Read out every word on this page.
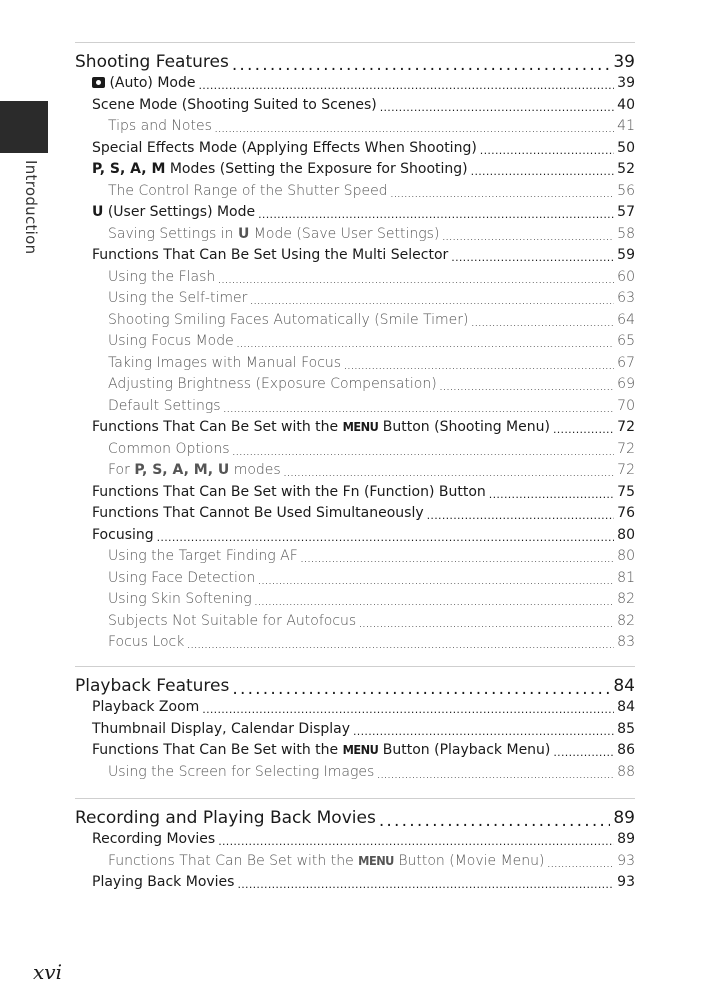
Introduction
Shooting Features . . .	39
(Auto) Mode . . .	39
Scene Mode (Shooting Suited to Scenes) . . .	40
Tips and Notes . . .	41
Special Effects Mode (Applying Effects When Shooting) . . .	50
P, S, A, M Modes (Setting the Exposure for Shooting) . . .	52
The Control Range of the Shutter Speed . . .	56
U (User Settings) Mode . . .	57
Saving Settings in U Mode (Save User Settings) . . .	58
Functions That Can Be Set Using the Multi Selector . . .	59
Using the Flash . . .	60
Using the Self-timer . . .	63
Shooting Smiling Faces Automatically (Smile Timer) . . .	64
Using Focus Mode . . .	65
Taking Images with Manual Focus . . .	67
Adjusting Brightness (Exposure Compensation) . . .	69
Default Settings . . .	70
Functions That Can Be Set with the MENU Button (Shooting Menu) . . .	72
Common Options . . .	72
For P, S, A, M, U modes . . .	72
Functions That Can Be Set with the Fn (Function) Button . . .	75
Functions That Cannot Be Used Simultaneously . . .	76
Focusing . . .	80
Using the Target Finding AF . . .	80
Using Face Detection . . .	81
Using Skin Softening . . .	82
Subjects Not Suitable for Autofocus . . .	82
Focus Lock . . .	83
Playback Features . . .	84
Playback Zoom . . .	84
Thumbnail Display, Calendar Display . . .	85
Functions That Can Be Set with the MENU Button (Playback Menu) . . .	86
Using the Screen for Selecting Images . . .	88
Recording and Playing Back Movies . . .	89
Recording Movies . . .	89
Functions That Can Be Set with the MENU Button (Movie Menu) . . .	93
Playing Back Movies . . .	93
xvi
